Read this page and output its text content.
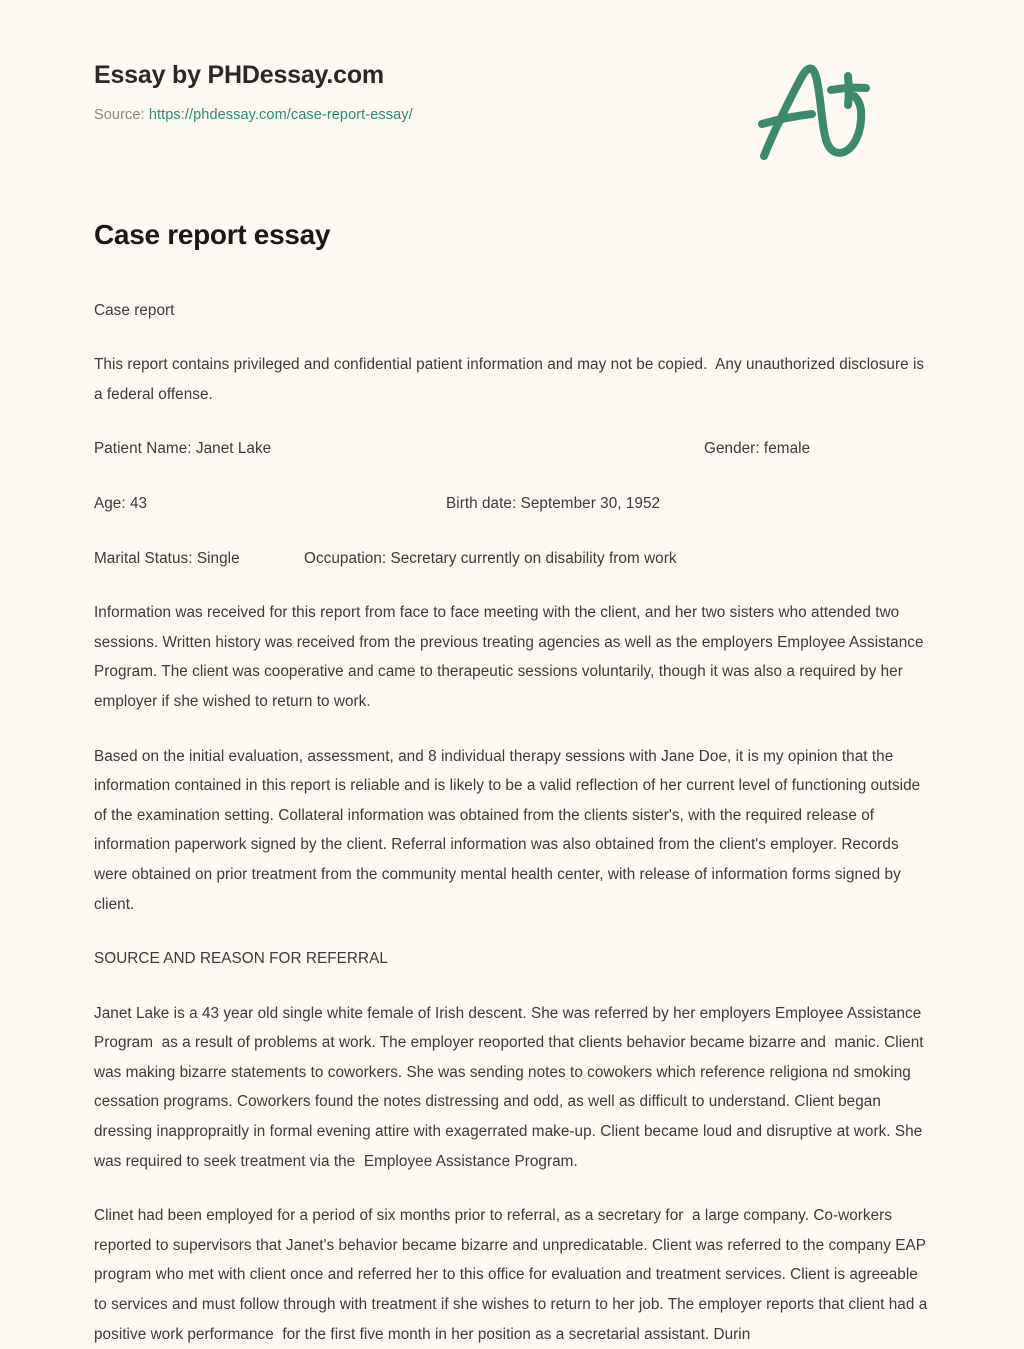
Essay by PHDessay.com
Source: https://phdessay.com/case-report-essay/
Case report essay

Case report

This report contains privileged and confidential patient information and may not be copied.  Any unauthorized disclosure is a federal offense.

Patient Name: Janet Lake	Gender: female
Age: 43	Birth date: September 30, 1952
Marital Status: Single	Occupation: Secretary currently on disability from work

Information was received for this report from face to face meeting with the client, and her two sisters who attended two sessions. Written history was received from the previous treating agencies as well as the employers Employee Assistance Program. The client was cooperative and came to therapeutic sessions voluntarily, though it was also a required by her employer if she wished to return to work.

Based on the initial evaluation, assessment, and 8 individual therapy sessions with Jane Doe, it is my opinion that the information contained in this report is reliable and is likely to be a valid reflection of her current level of functioning outside of the examination setting. Collateral information was obtained from the clients sister's, with the required release of information paperwork signed by the client. Referral information was also obtained from the client's employer. Records were obtained on prior treatment from the community mental health center, with release of information forms signed by client.

SOURCE AND REASON FOR REFERRAL

Janet Lake is a 43 year old single white female of Irish descent. She was referred by her employers Employee Assistance Program  as a result of problems at work. The employer reoported that clients behavior became bizarre and  manic. Client was making bizarre statements to coworkers. She was sending notes to cowokers which reference religiona nd smoking cessation programs. Coworkers found the notes distressing and odd, as well as difficult to understand. Client began dressing inappropraitly in formal evening attire with exagerrated make-up. Client became loud and disruptive at work. She  was required to seek treatment via the  Employee Assistance Program.

Clinet had been employed for a period of six months prior to referral, as a secretary for  a large company. Co-workers reported to supervisors that Janet's behavior became bizarre and unpredicatable. Client was referred to the company EAP program who met with client once and referred her to this office for evaluation and treatment services. Client is agreeable to services and must follow through with treatment if she wishes to return to her job. The employer reports that client had a positive work performance  for the first five month in her position as a secretarial assistant. Durin
